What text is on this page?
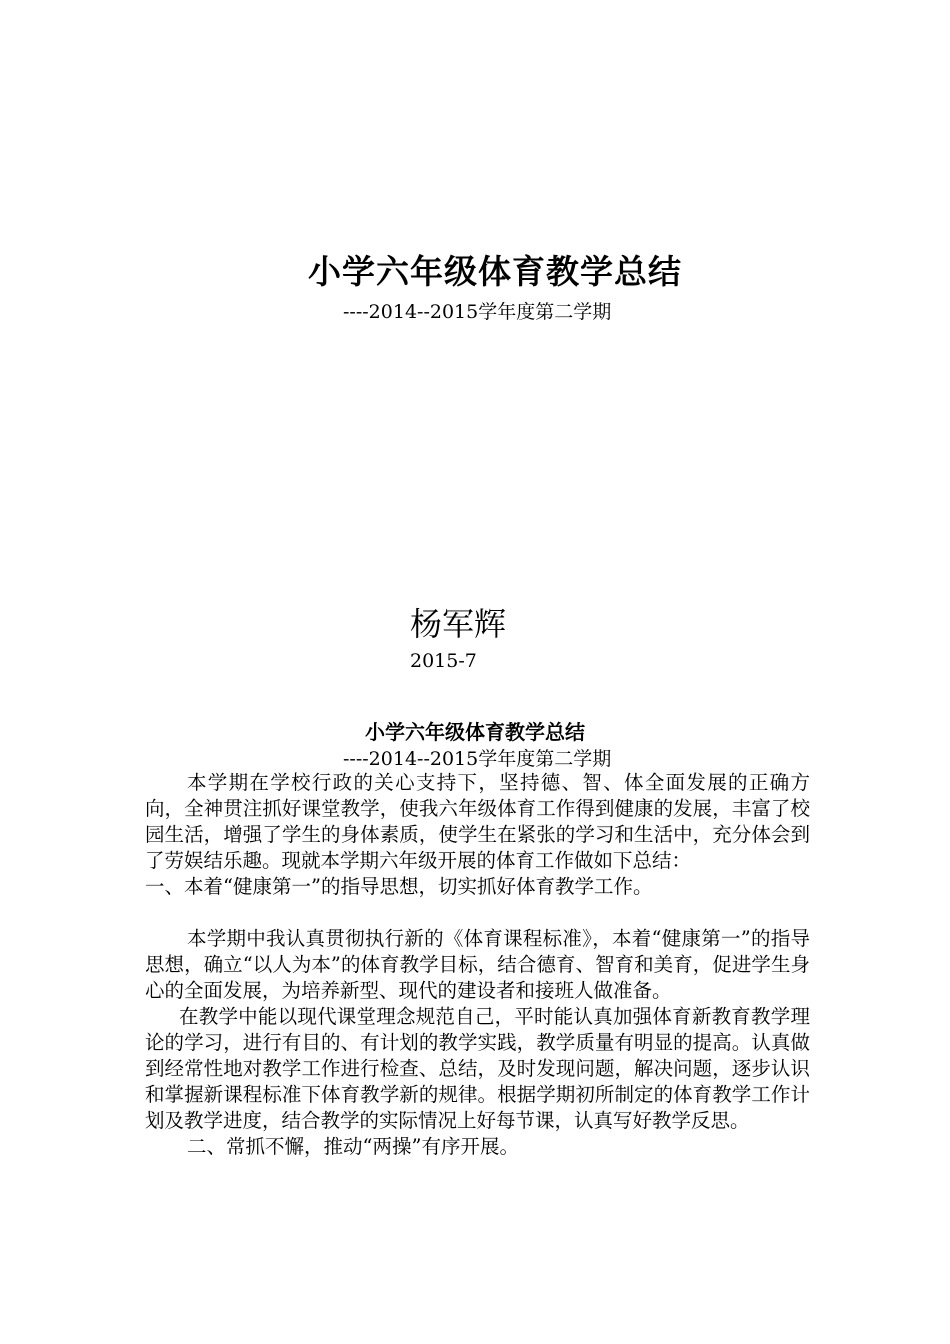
小学六年级体育教学总结
----2014--2015学年度第二学期
杨军辉
2015-7
小学六年级体育教学总结
----2014--2015学年度第二学期

本学期在学校行政的关心支持下，坚持德、智、体全面发展的正确方向，全神贯注抓好课堂教学，使我六年级体育工作得到健康的发展，丰富了校园生活，增强了学生的身体素质，使学生在紧张的学习和生活中，充分体会到了劳娱结乐趣。现就本学期六年级开展的体育工作做如下总结：

一、本着“健康第一”的指导思想，切实抓好体育教学工作。

本学期中我认真贯彻执行新的《体育课程标准》，本着“健康第一”的指导思想，确立“以人为本”的体育教学目标，结合德育、智育和美育，促进学生身心的全面发展，为培养新型、现代的建设者和接班人做准备。

在教学中能以现代课堂理念规范自己，平时能认真加强体育新教育教学理论的学习，进行有目的、有计划的教学实践，教学质量有明显的提高。认真做到经常性地对教学工作进行检查、总结，及时发现问题，解决问题，逐步认识和掌握新课程标准下体育教学新的规律。根据学期初所制定的体育教学工作计划及教学进度，结合教学的实际情况上好每节课，认真写好教学反思。

二、常抓不懈，推动“两操”有序开展。
